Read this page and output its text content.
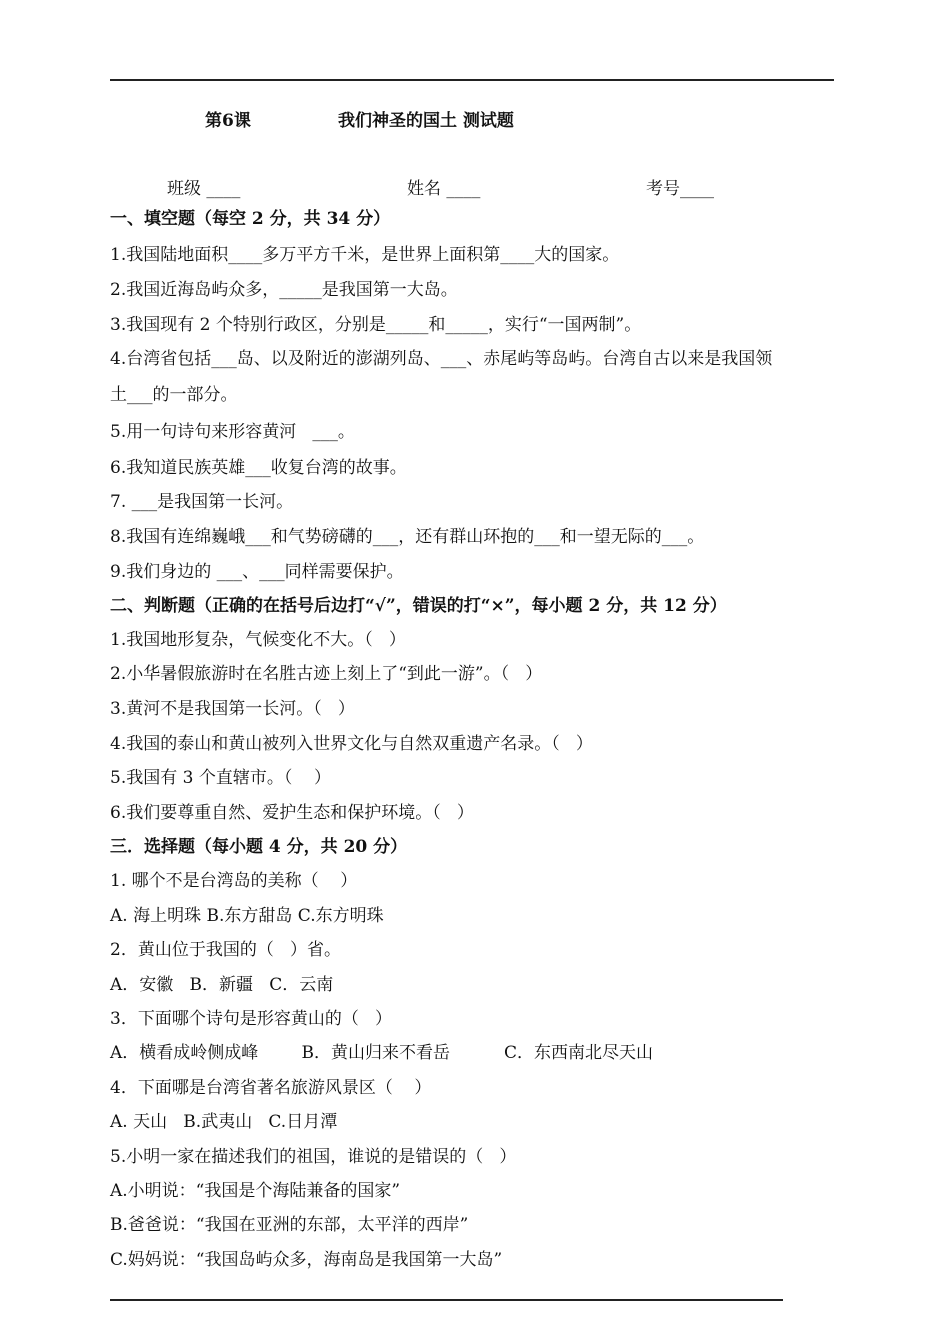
第6课	我们神圣的国土 测试题
班级 ____	姓名 ____	考号____
一、填空题（每空 2 分，共 34 分）
1.我国陆地面积____多万平方千米，是世界上面积第____大的国家。
2.我国近海岛屿众多，_____是我国第一大岛。
3.我国现有 2 个特别行政区，分别是_____和_____，实行“一国两制”。
4.台湾省包括___岛、以及附近的澎湖列岛、___、赤尾屿等岛屿。台湾自古以来是我国领
土___的一部分。
5.用一句诗句来形容黄河   ___。
6.我知道民族英雄___收复台湾的故事。
7. ___是我国第一长河。
8.我国有连绵巍峨___和气势磅礴的___，还有群山环抱的___和一望无际的___。
9.我们身边的 ___、___同样需要保护。
二、判断题（正确的在括号后边打“√”，错误的打“×”，每小题 2 分，共 12 分）
1.我国地形复杂，气候变化不大。（   ）
2.小华暑假旅游时在名胜古迹上刻上了“到此一游”。（   ）
3.黄河不是我国第一长河。（   ）
4.我国的泰山和黄山被列入世界文化与自然双重遗产名录。（   ）
5.我国有 3 个直辖市。（    ）
6.我们要尊重自然、爱护生态和保护环境。（   ）
三．选择题（每小题 4 分，共 20 分）
1. 哪个不是台湾岛的美称（    ）
A. 海上明珠 B.东方甜岛 C.东方明珠
2．黄山位于我国的（   ）省。
A．安徽   B．新疆   C．云南
3．下面哪个诗句是形容黄山的（   ）
A．横看成岭侧成峰        B．黄山归来不看岳          C．东西南北尽天山
4．下面哪是台湾省著名旅游风景区（    ）
A. 天山   B.武夷山   C.日月潭
5.小明一家在描述我们的祖国，谁说的是错误的（   ）
A.小明说：“我国是个海陆兼备的国家”
B.爸爸说：“我国在亚洲的东部，太平洋的西岸”
C.妈妈说：“我国岛屿众多，海南岛是我国第一大岛”
